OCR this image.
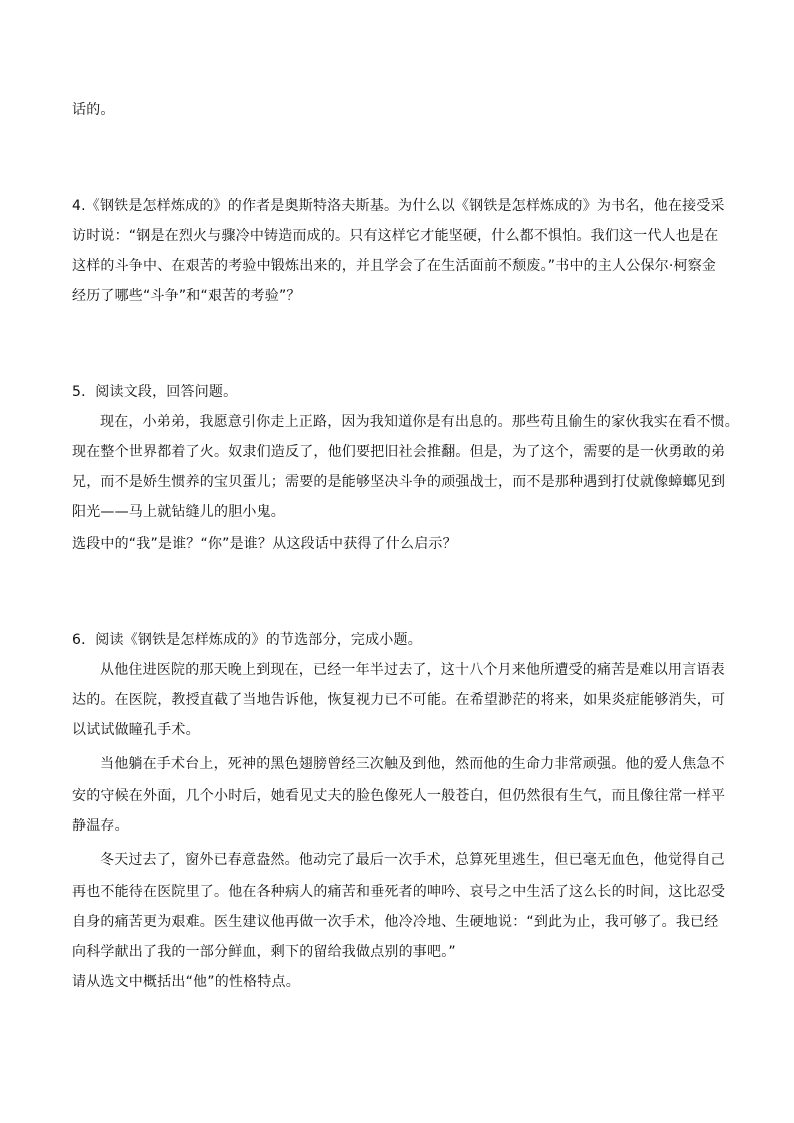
话的。
4.《钢铁是怎样炼成的》的作者是奥斯特洛夫斯基。为什么以《钢铁是怎样炼成的》为书名，他在接受采
访时说：“钢是在烈火与骤冷中铸造而成的。只有这样它才能坚硬，什么都不惧怕。我们这一代人也是在
这样的斗争中、在艰苦的考验中锻炼出来的，并且学会了在生活面前不颓废。”书中的主人公保尔·柯察金
经历了哪些“斗争”和“艰苦的考验”？
5．阅读文段，回答问题。
现在，小弟弟，我愿意引你走上正路，因为我知道你是有出息的。那些苟且偷生的家伙我实在看不惯。
现在整个世界都着了火。奴隶们造反了，他们要把旧社会推翻。但是，为了这个，需要的是一伙勇敢的弟
兄，而不是娇生惯养的宝贝蛋儿；需要的是能够坚决斗争的顽强战士，而不是那种遇到打仗就像蟑螂见到
阳光——马上就钻缝儿的胆小鬼。
选段中的“我”是谁？“你”是谁？从这段话中获得了什么启示？
6．阅读《钢铁是怎样炼成的》的节选部分，完成小题。
从他住进医院的那天晚上到现在，已经一年半过去了，这十八个月来他所遭受的痛苦是难以用言语表
达的。在医院，教授直截了当地告诉他，恢复视力已不可能。在希望渺茫的将来，如果炎症能够消失，可
以试试做瞳孔手术。
当他躺在手术台上，死神的黑色翅膀曾经三次触及到他，然而他的生命力非常顽强。他的爱人焦急不
安的守候在外面，几个小时后，她看见丈夫的脸色像死人一般苍白，但仍然很有生气，而且像往常一样平
静温存。
冬天过去了，窗外已春意盎然。他动完了最后一次手术，总算死里逃生，但已毫无血色，他觉得自己
再也不能待在医院里了。他在各种病人的痛苦和垂死者的呻吟、哀号之中生活了这么长的时间，这比忍受
自身的痛苦更为艰难。医生建议他再做一次手术，他冷冷地、生硬地说：“到此为止，我可够了。我已经
向科学献出了我的一部分鲜血，剩下的留给我做点别的事吧。”
请从选文中概括出“他”的性格特点。
